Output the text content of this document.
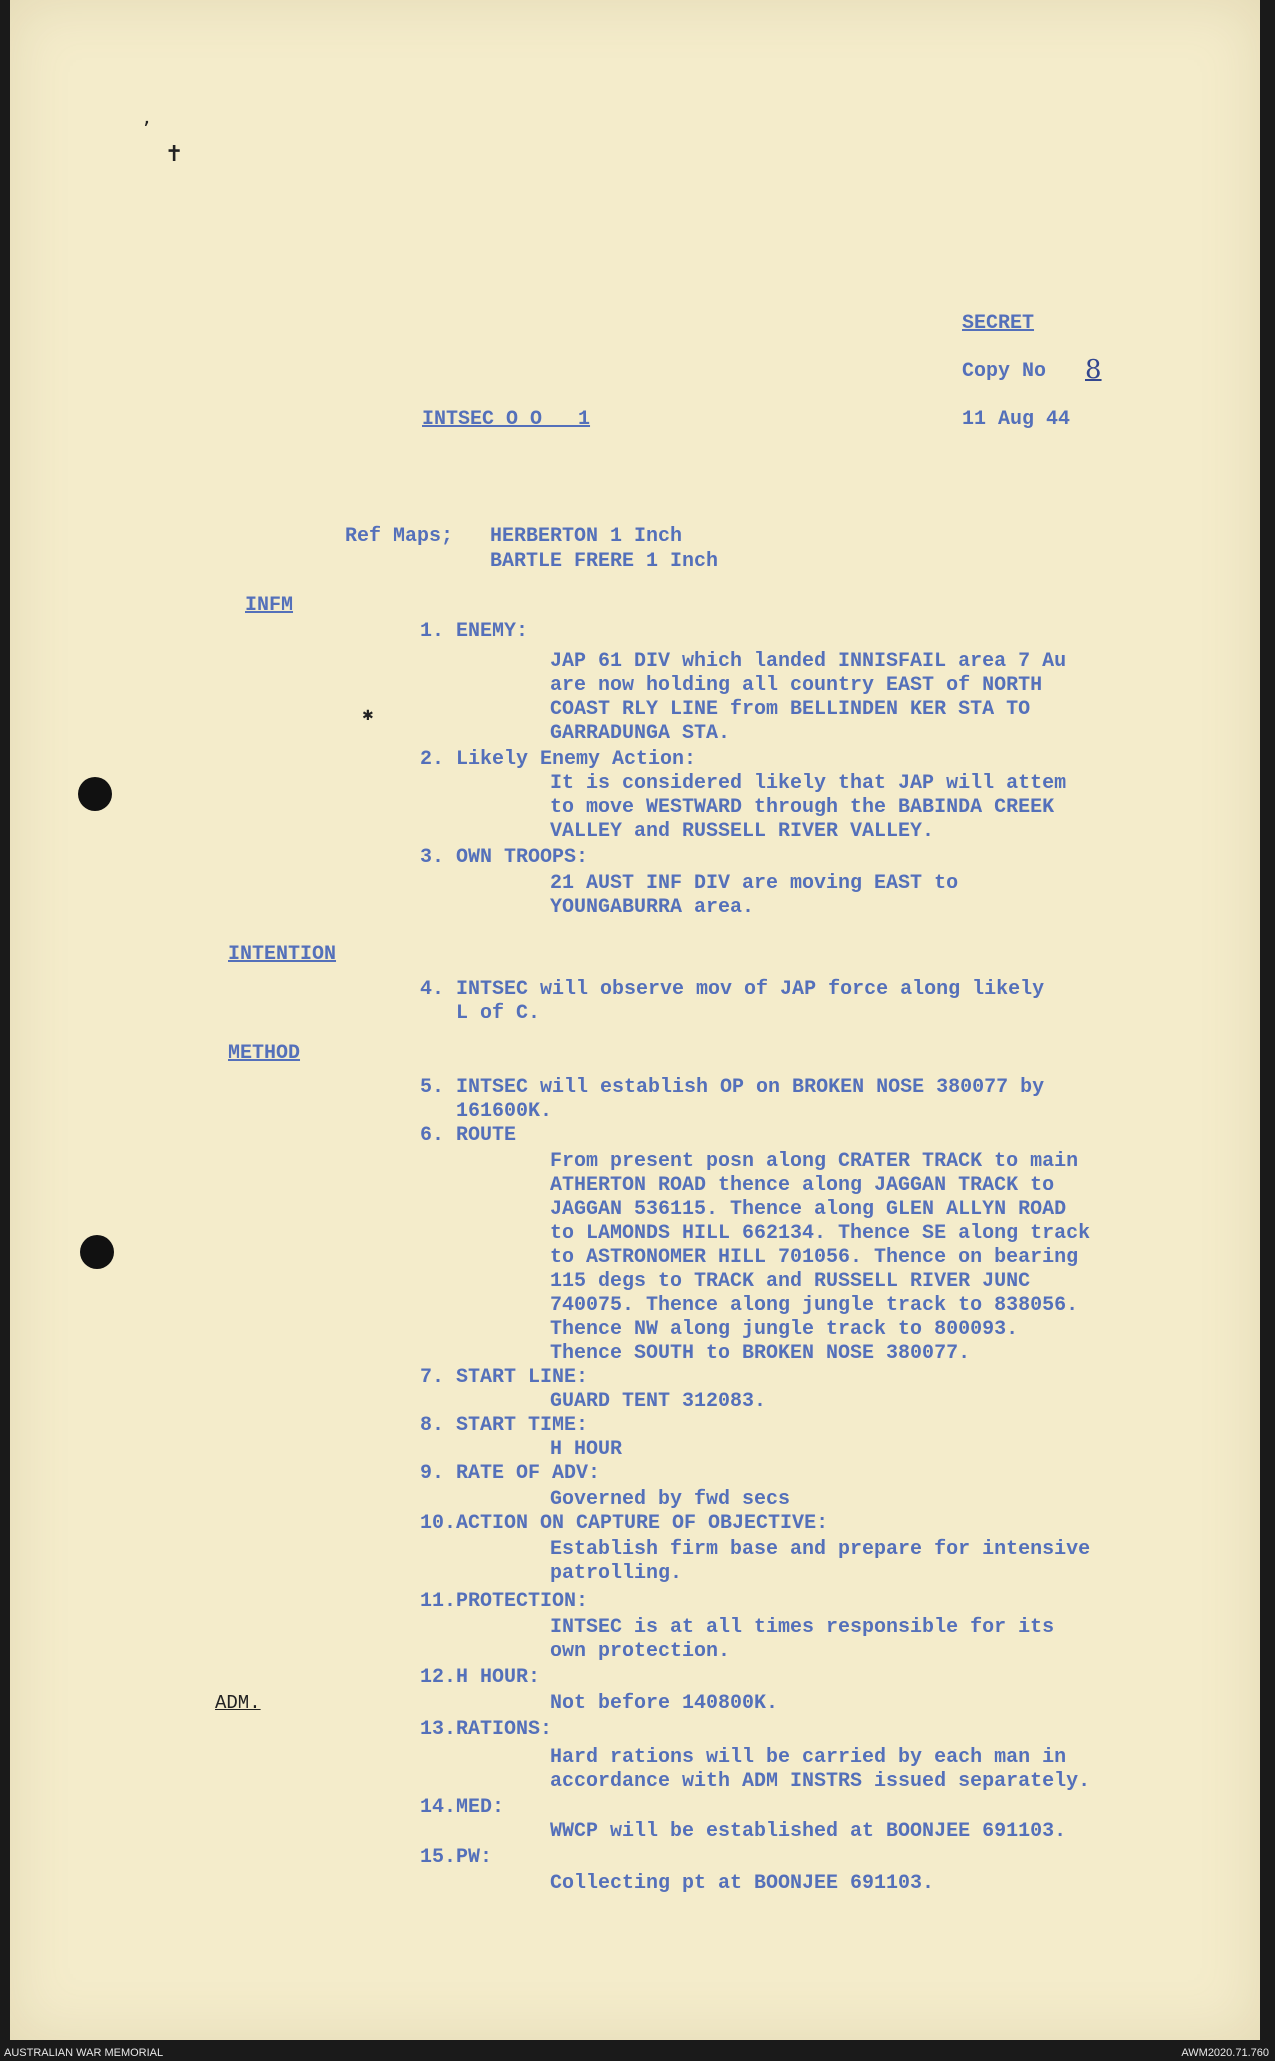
ʼ
✝
✱
SECRET
Copy No 8
INTSEC O O   1	11 Aug 44
Ref Maps; HERBERTON 1 Inch
BARTLE FRERE 1 Inch
INFM
INTENTION
METHOD
ADM.
1. ENEMY:
JAP 61 DIV which landed INNISFAIL area 7 Au
are now holding all country EAST of NORTH
COAST RLY LINE from BELLINDEN KER STA TO
GARRADUNGA STA.
2. Likely Enemy Action:
It is considered likely that JAP will attem
to move WESTWARD through the BABINDA CREEK
VALLEY and RUSSELL RIVER VALLEY.
3. OWN TROOPS:
21 AUST INF DIV are moving EAST to
YOUNGABURRA area.
4. INTSEC will observe mov of JAP force along likely
L of C.
5. INTSEC will establish OP on BROKEN NOSE 380077 by
161600K.
6. ROUTE
From present posn along CRATER TRACK to main
ATHERTON ROAD thence along JAGGAN TRACK to
JAGGAN 536115. Thence along GLEN ALLYN ROAD
to LAMONDS HILL 662134. Thence SE along track
to ASTRONOMER HILL 701056. Thence on bearing
115 degs to TRACK and RUSSELL RIVER JUNC
740075. Thence along jungle track to 838056.
Thence NW along jungle track to 800093.
Thence SOUTH to BROKEN NOSE 380077.
7. START LINE:
GUARD TENT 312083.
8. START TIME:
H HOUR
9. RATE OF ADV:
Governed by fwd secs
10.ACTION ON CAPTURE OF OBJECTIVE:
Establish firm base and prepare for intensive
patrolling.
11.PROTECTION:
INTSEC is at all times responsible for its
own protection.
12.H HOUR:
Not before 140800K.
13.RATIONS:
Hard rations will be carried by each man in
accordance with ADM INSTRS issued separately.
14.MED:
WWCP will be established at BOONJEE 691103.
15.PW:
Collecting pt at BOONJEE 691103.
AUSTRALIAN WAR MEMORIAL	AWM2020.71.760
